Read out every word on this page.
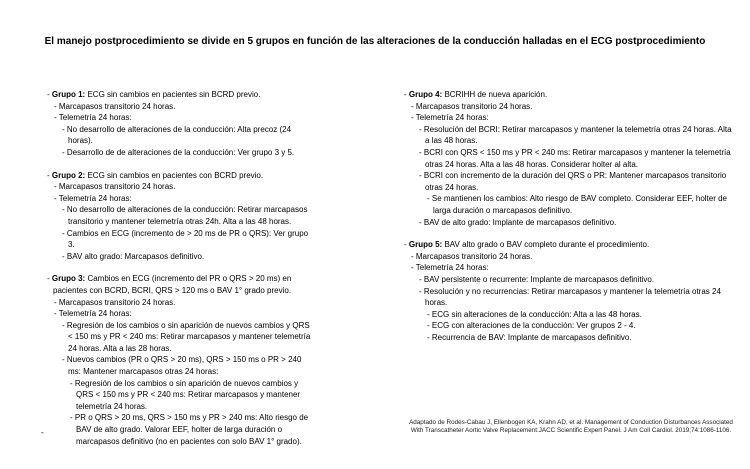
El manejo postprocedimiento se divide en 5 grupos en función de las alteraciones de la conducción halladas en el ECG postprocedimiento
- Grupo 1: ECG sin cambios en pacientes sin BCRD previo.
- Marcapasos transitorio 24 horas.
- Telemetría 24 horas:
- No desarrollo de alteraciones de la conducción: Alta precoz (24 horas).
- Desarrollo de de alteraciones de la conducción: Ver grupo 3 y 5.
- Grupo 2: ECG sin cambios en pacientes con BCRD previo.
- Marcapasos transitorio 24 horas.
- Telemetría 24 horas:
- No desarrollo de alteraciones de la conducción: Retirar marcapasos transitorio y mantener telemetría otras 24h. Alta a las 48 horas.
- Cambios en ECG (incremento de > 20 ms de PR o QRS): Ver grupo 3.
- BAV alto grado: Marcapasos definitivo.
- Grupo 3: Cambios en ECG (incremento del PR o QRS > 20 ms) en pacientes con BCRD, BCRI, QRS > 120 ms o BAV 1° grado previo.
- Marcapasos transitorio 24 horas.
- Telemetría 24 horas:
- Regresión de los cambios o sin aparición de nuevos cambios y QRS < 150 ms y PR < 240 ms: Retirar marcapasos y mantener telemetría 24 horas. Alta a las 28 horas.
- Nuevos cambios (PR o QRS > 20 ms), QRS > 150 ms o PR > 240 ms: Mantener marcapasos otras 24 horas:
- Regresión de los cambios o sin aparición de nuevos cambios y QRS < 150 ms y PR < 240 ms: Retirar marcapasos y mantener telemetría 24 horas.
- PR o QRS > 20 ms, QRS > 150 ms y PR > 240 ms: Alto riesgo de BAV de alto grado. Valorar EEF, holter de larga duración o marcapasos definitivo (no en pacientes con solo BAV 1° grado).
- Grupo 4: BCRIHH de nueva aparición.
- Marcapasos transitorio 24 horas.
- Telemetría 24 horas:
- Resolución del BCRI: Retirar marcapasos y mantener la telemetría otras 24 horas. Alta a las 48 horas.
- BCRI con QRS < 150 ms y PR < 240 ms: Retirar marcapasos y mantener la telemetría otras 24 horas. Alta a las 48 horas. Considerar holter al alta.
- BCRI con incremento de la duración del QRS o PR: Mantener marcapasos transitorio otras 24 horas.
- Se mantienen los cambios: Alto riesgo de BAV completo. Considerar EEF, holter de larga duración o marcapasos definitivo.
- BAV de alto grado: Implante de marcapasos definitivo.
- Grupo 5: BAV alto grado o BAV completo durante el procedimiento.
- Marcapasos transitorio 24 horas.
- Telemetría 24 horas:
- BAV persistente o recurrente: Implante de marcapasos definitivo.
- Resolución y no recurrencias: Retirar marcapasos y mantener la telemetría otras 24 horas.
- ECG sin alteraciones de la conducción: Alta a las 48 horas.
- ECG con alteraciones de la conducción: Ver grupos 2 - 4.
- Recurrencia de BAV: Implante de marcapasos definitivo.
Adaptado de Rodes-Cabau J, Ellenbogen KA, Krahn AD, et al. Management of Conduction Disturbances Associated
With Transcatheter Aortic Valve Replacement:JACC Scientific Expert Panel. J Am Coll Cardiol. 2019;74:1086-1106.
-
